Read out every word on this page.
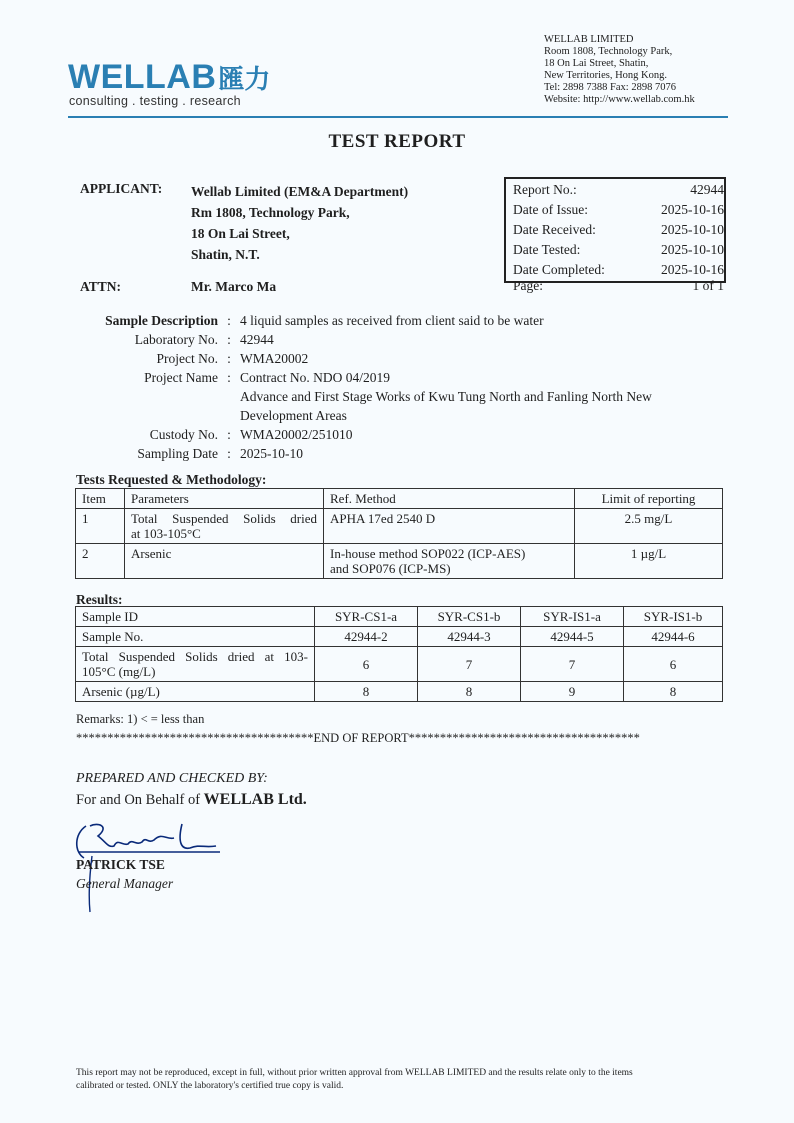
WELLAB匯力
consulting . testing . research
WELLAB LIMITED
Room 1808, Technology Park,
18 On Lai Street, Shatin,
New Territories, Hong Kong.
Tel: 2898 7388 Fax: 2898 7076
Website: http://www.wellab.com.hk
TEST REPORT
APPLICANT: Wellab Limited (EM&A Department)
Rm 1808, Technology Park,
18 On Lai Street,
Shatin, N.T.
ATTN:	Mr. Marco Ma
Report No.:	42944
Date of Issue:	2025-10-16
Date Received:	2025-10-10
Date Tested:	2025-10-10
Date Completed:	2025-10-16
Page:	1 of 1
Sample Description : 4 liquid samples as received from client said to be water
Laboratory No. : 42944
Project No. : WMA20002
Project Name : Contract No. NDO 04/2019
Advance and First Stage Works of Kwu Tung North and Fanling North New
Development Areas
Custody No. : WMA20002/251010
Sampling Date : 2025-10-10
Tests Requested & Methodology:
Item	Parameters	Ref. Method	Limit of reporting
1	Total Suspended Solids dried
at 103-105°C	APHA 17ed 2540 D	2.5 mg/L
2	Arsenic	In-house method SOP022 (ICP-AES)
and SOP076 (ICP-MS)	1 µg/L
Results:
Sample ID	SYR-CS1-a	SYR-CS1-b	SYR-IS1-a	SYR-IS1-b
Sample No.	42944-2	42944-3	42944-5	42944-6

Total Suspended Solids dried at 103-
105°C (mg/L)	6	7	7	6
Arsenic (µg/L)	8	8	9	8
Remarks: 1) < = less than
**************************************END OF REPORT*************************************
PREPARED AND CHECKED BY:
For and On Behalf of WELLAB Ltd.
PATRICK TSE
General Manager
This report may not be reproduced, except in full, without prior written approval from WELLAB LIMITED and the results relate only to the items
calibrated or tested. ONLY the laboratory's certified true copy is valid.
